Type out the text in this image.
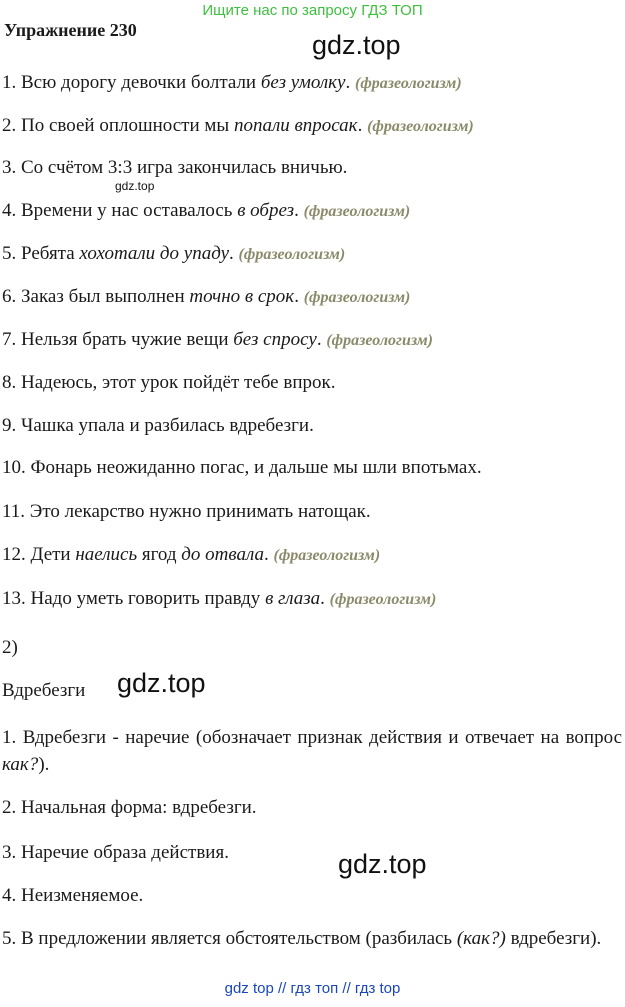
Ищите нас по запросу ГДЗ ТОП
Упражнение 230	gdz.top
gdz.top
gdz.top
gdz.top
1. Всю дорогу девочки болтали без умолку. (фразеологизм)
2. По своей оплошности мы попали впросак. (фразеологизм)
3. Со счётом 3:3 игра закончилась вничью.
4. Времени у нас оставалось в обрез. (фразеологизм)
5. Ребята хохотали до упаду. (фразеологизм)
6. Заказ был выполнен точно в срок. (фразеологизм)
7. Нельзя брать чужие вещи без спросу. (фразеологизм)
8. Надеюсь, этот урок пойдёт тебе впрок.
9. Чашка упала и разбилась вдребезги.
10. Фонарь неожиданно погас, и дальше мы шли впотьмах.
11. Это лекарство нужно принимать натощак.
12. Дети наелись ягод до отвала. (фразеологизм)
13. Надо уметь говорить правду в глаза. (фразеологизм)
2)
Вдребезги
1. Вдребезги - наречие (обозначает признак действия и отвечает на вопрос как?).
2. Начальная форма: вдребезги.
3. Наречие образа действия.
4. Неизменяемое.
5. В предложении является обстоятельством (разбилась (как?) вдребезги).
gdz top // гдз топ // гдз top
